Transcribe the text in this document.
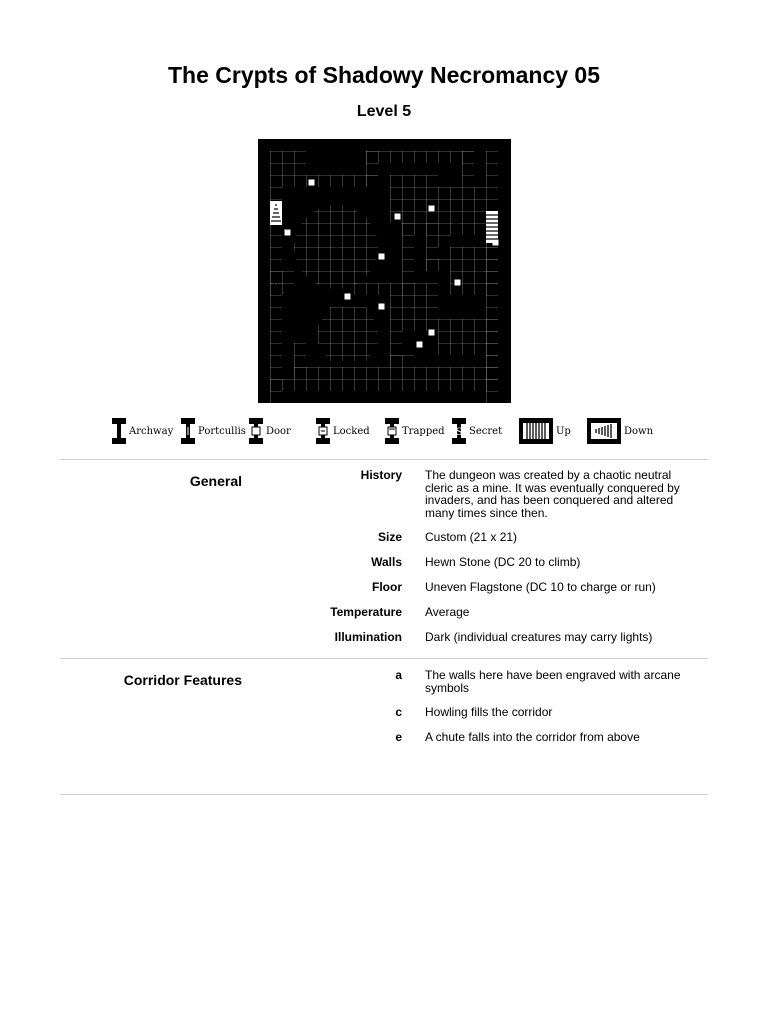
The Crypts of Shadowy Necromancy 05
Level 5
7
4
6
3
8
a
1
5
2
c
e
Archway Portcullis Door	Locked	Trapped S Secret	Up	Down
General	History The dungeon was created by a chaotic neutral cleric as a mine. It was eventually conquered by invaders, and has been conquered and altered many times since then.
Size Custom (21 x 21)
Walls Hewn Stone (DC 20 to climb)
Floor Uneven Flagstone (DC 10 to charge or run)
Temperature Average
Illumination Dark (individual creatures may carry lights)
Corridor Features	a The walls here have been engraved with arcane symbols
c Howling fills the corridor
e A chute falls into the corridor from above
